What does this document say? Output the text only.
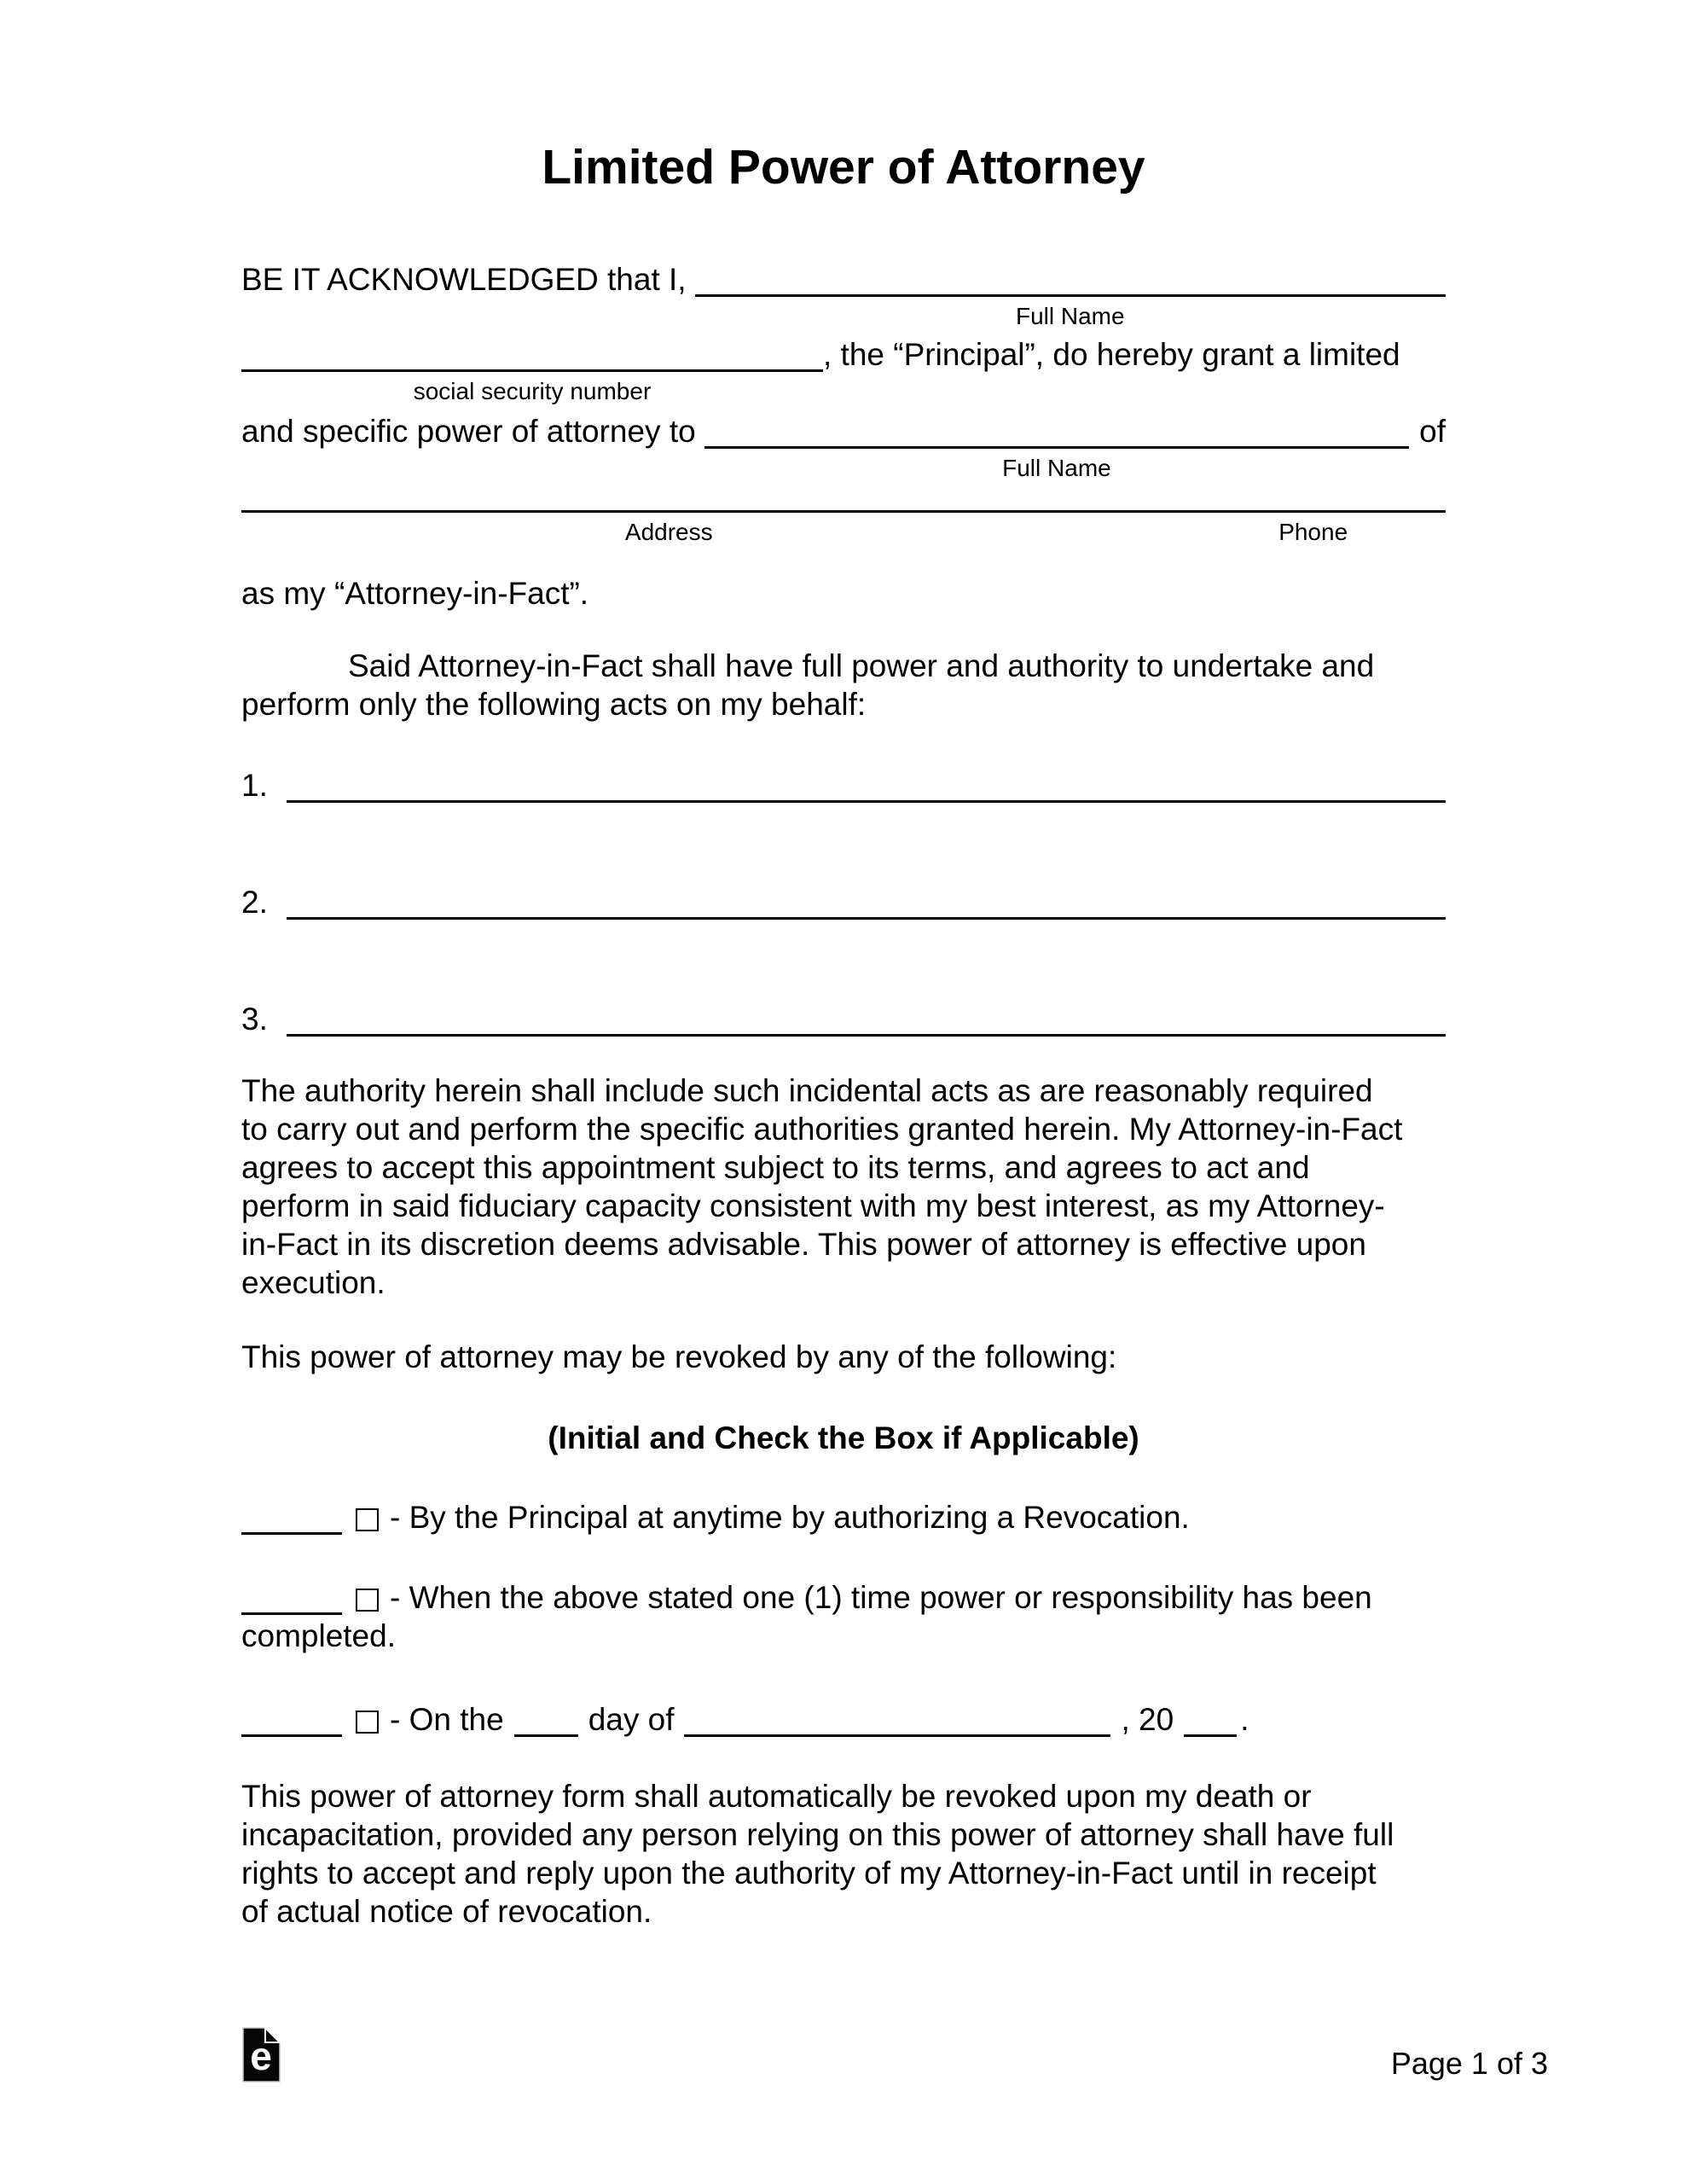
Limited Power of Attorney
BE IT ACKNOWLEDGED that I,
Full Name
social security number
, the “Principal”, do hereby grant a limited
and specific power of attorney to
Full Name
of
Address	Phone
as my “Attorney-in-Fact”.
Said Attorney-in-Fact shall have full power and authority to undertake and
perform only the following acts on my behalf:
1.
2.
3.
The authority herein shall include such incidental acts as are reasonably required
to carry out and perform the specific authorities granted herein. My Attorney-in-Fact
agrees to accept this appointment subject to its terms, and agrees to act and
perform in said fiduciary capacity consistent with my best interest, as my Attorney-
in-Fact in its discretion deems advisable. This power of attorney is effective upon
execution.
This power of attorney may be revoked by any of the following:
(Initial and Check the Box if Applicable)
- By the Principal at anytime by authorizing a Revocation.
- When the above stated one (1) time power or responsibility has been
completed.
- On the	day of	, 20 .
This power of attorney form shall automatically be revoked upon my death or
incapacitation, provided any person relying on this power of attorney shall have full
rights to accept and reply upon the authority of my Attorney-in-Fact until in receipt
of actual notice of revocation.
e	Page 1 of 3
